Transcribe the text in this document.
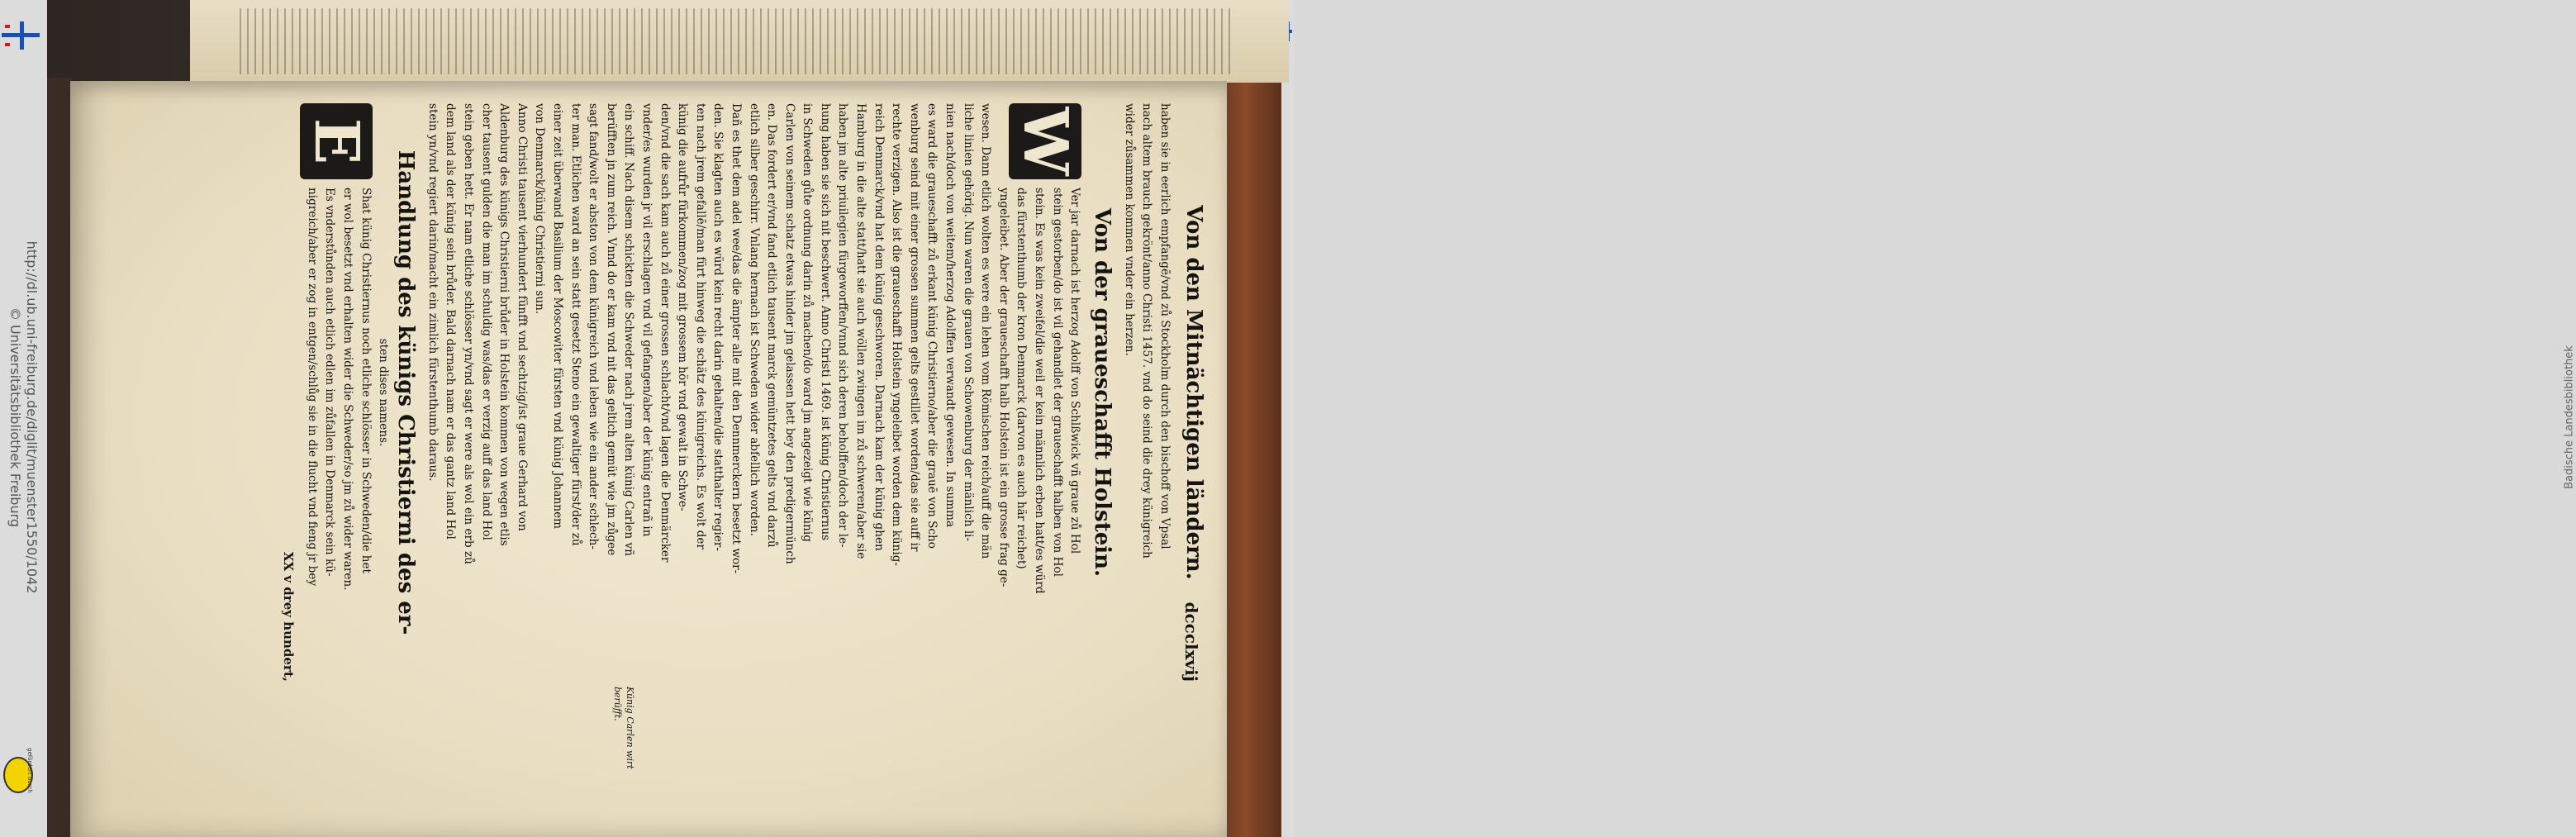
http://dl.ub.uni-freiburg.de/diglit/muenster1550/1042
© Universitätsbibliothek Freiburg
gefördert durch
Badische Landesbibliothek
Von den Mitnächtigen ländern.
dccclxvij
haben sie in eerlich empfangē/vnd zů Stockholm durch den bischoff von Vpsal
nach altem brauch gekrönt/anno Christi 1457. vnd do seind die drey künigreich
wider zůsammen kommen vnder ein herzen.
Von der graueschafft Holstein.
W
Ver jar darnach ist herzog Adolff von Schlßwick vñ graue zů Hol
stein gestorben/do ist vil gehandlet der graueschafft halben von Hol
stein. Es was kein zweifel/die weil er kein männlich erben hatt/es würd
das fürstenthumb der kron Denmarck (darvon es auch här reichet)
yngeleibet. Aber der graueschafft halb Holstein ist ein grosse frag ge-
wesen. Dann etlich wolten es were ein lehen vom Römischen reich/auff die män
liche linien gehörig. Nun waren die grauen von Schowenburg der mänlich li-
nien nach/doch von weitem/herzog Adolffen verwandt gewesen. In summa
es ward die graueschafft zů erkant künig Christierno/aber die grauē von Scho
wenburg seind mit einer grossen summen gelts gestillet worden/das sie auff ir
rechte verzigen. Also ist die graueschafft Holstein yngeleibet worden dem künig-
reich Denmarck/vnd hat dem künig geschworen. Darnach kam der künig ghen
Hamburg in die alte statt/hatt sie auch wöllen zwingen im zů schweren/aber sie
haben jm alte priuilegien fürgeworffen/vnnd sich deren beholffen/doch der le-
hung haben sie sich nit beschwert. Anno Christi 1469. ist künig Christiernus
in Schweden gůte ordnung darin zů machen/do ward jm angezeigt wie künig
Carlen von seinem schatz etwas hinder jm gelassen hett bey den predigermünch
en. Das fordert er/vnd fand etlich tausent marck gemüntzetes gelts vnd darzů
etlich silber geschirr. Vnlang hernach ist Schweden wider abfellich worden.
Dañ es thet dem adel wee/das die ämpter alle mit den Dennmerckern besetzt wor-
den. Sie klagten auch es würd kein recht darin gehalten/die statthalter regier-
ten nach jrem gefallē/man fürt hinweg die schätz des künigreichs. Es wolt der
künig die aufrůr fürkommen/zog mit grossem hör vnd gewalt in Schwe-
den/vnd die sach kam auch zů einer grossen schlacht/vnd lagen die Denmärcker
vnder/es wurden jr vil erschlagen vnd vil gefangen/aber der künig entrañ in
ein schiff. Nach disem schickten die Schweder nach jrem alten künig Carlen vñ
berüfften jn zum reich. Vnnd do er kam vnd nit das geltich gemüt wie jm zůgee
sagt fand/wolt er abston von dem künigreich vnd leben wie ein ander schlech-
ter man. Etlichen ward an sein statt gesetzt Steno ein gewaltiger fürst/der zů
einer zeit überwand Basilium der Moscowiter fürsten vnd künig Johannem
von Denmarck/künig Christierni sun.
Anno Christi tausent vierhundert fünfft vnd sechtzig/ist graue Gerhard von
Aldenburg des künigs Christierni brůder in Holstein kommen von wegen etlis
cher tausent gulden die man im schuldig was/das er verzig auff das land Hol
stein geben hett. Er nam etliche schlösser yn/vnd sagt er were als wol ein erb zů
dem land als der künig sein brůder. Bald darnach nam er das gantz land Hol
stein yn/vnd regiert darin/macht ein zimlich fürstenthumb daraus.
Handlung des künigs Christierni des er-
sten dises namens.
E
Shat künig Christiernus noch etliche schlösser in Schweden/die het
er wol besetzt vnd erhalten wider die Schweder/so jm zů wider waren.
Es vnderstůnden auch etlich edlen im zůfallen in Denmarck sein kü-
nigreich/aber er zog in entgen/schlůg sie in die flucht vnd fieng jr bey
XX v drey hundert,
Künig Carlen wirt berüfft.
